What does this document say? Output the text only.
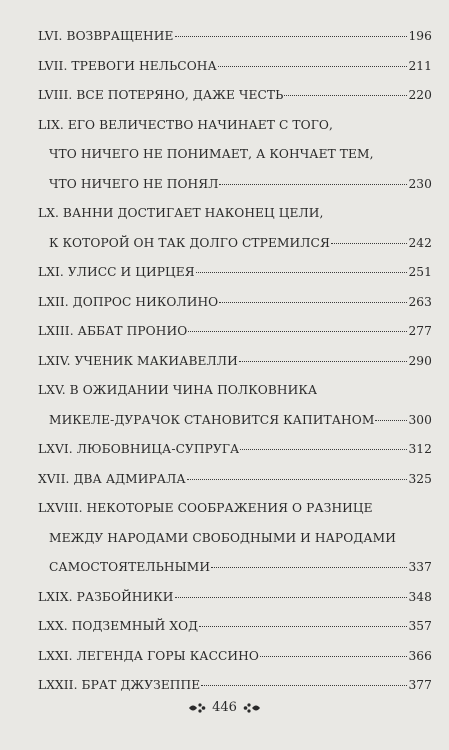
LVI. ВОЗВРАЩЕНИЕ	196
LVII. ТРЕВОГИ НЕЛЬСОНА	211
LVIII. ВСЕ ПОТЕРЯНО, ДАЖЕ ЧЕСТЬ	220
LIX. ЕГО ВЕЛИЧЕСТВО НАЧИНАЕТ С ТОГО,
ЧТО НИЧЕГО НЕ ПОНИМАЕТ, А КОНЧАЕТ ТЕМ,
ЧТО НИЧЕГО НЕ ПОНЯЛ	230
LX. ВАННИ ДОСТИГАЕТ НАКОНЕЦ ЦЕЛИ,
К КОТОРОЙ ОН ТАК ДОЛГО СТРЕМИЛСЯ	242
LXI. УЛИСС И ЦИРЦЕЯ	251
LXII. ДОПРОС НИКОЛИНО	263
LXIII. АББАТ ПРОНИО	277
LXIV. УЧЕНИК МАКИАВЕЛЛИ	290
LXV. В ОЖИДАНИИ ЧИНА ПОЛКОВНИКА
МИКЕЛЕ-ДУРАЧОК СТАНОВИТСЯ КАПИТАНОМ	300
LXVI. ЛЮБОВНИЦА-СУПРУГА	312
XVII. ДВА АДМИРАЛА	325
LXVIII. НЕКОТОРЫЕ СООБРАЖЕНИЯ О РАЗНИЦЕ
МЕЖДУ НАРОДАМИ СВОБОДНЫМИ И НАРОДАМИ
САМОСТОЯТЕЛЬНЫМИ	337
LXIX. РАЗБОЙНИКИ	348
LXX. ПОДЗЕМНЫЙ ХОД	357
LXXI. ЛЕГЕНДА ГОРЫ КАССИНО	366
LXXII. БРАТ ДЖУЗЕППЕ	377
446
